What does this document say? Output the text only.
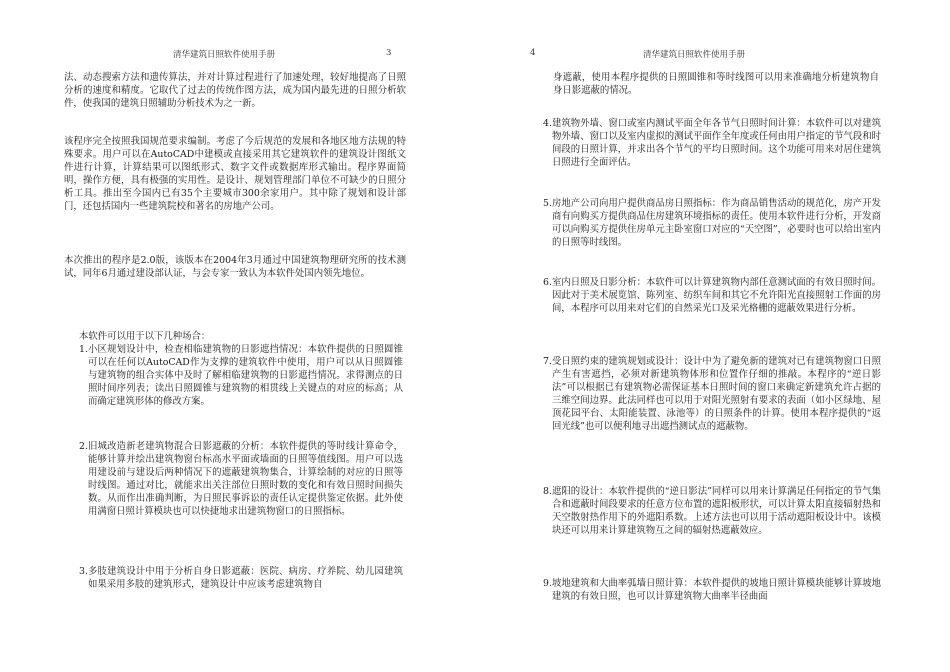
清华建筑日照软件使用手册	3

法、动态搜索方法和遗传算法，并对计算过程进行了加速处理，较好地提高了日照分析的速度和精度。它取代了过去的传统作图方法，成为国内最先进的日照分析软件，使我国的建筑日照辅助分析技术为之一新。

该程序完全按照我国规范要求编制。考虑了今后规范的发展和各地区地方法规的特殊要求。用户可以在AutoCAD中建模或直接采用其它建筑软件的建筑设计图纸文件进行计算，计算结果可以图纸形式、数字文件或数据库形式输出。程序界面简明，操作方便，具有极强的实用性。是设计、规划管理部门单位不可缺少的日照分析工具。推出至今国内已有35个主要城市300余家用户。其中除了规划和设计部门，还包括国内一些建筑院校和著名的房地产公司。

本次推出的程序是2.0版，该版本在2004年3月通过中国建筑物理研究所的技术测试，同年6月通过建设部认证，与会专家一致认为本软件处国内领先地位。

本软件可以用于以下几种场合：

1. 小区规划设计中，检查相临建筑物的日影遮挡情况：本软件提供的日照圆锥可以在任何以AutoCAD作为支撑的建筑软件中使用，用户可以从日照圆锥与建筑物的组合实体中及时了解相临建筑物的日影遮挡情况。求得测点的日照时间序列表；读出日照圆锥与建筑物的相贯线上关键点的对应的标高；从而确定建筑形体的修改方案。
2. 旧城改造新老建筑物混合日影遮蔽的分析：本软件提供的等时线计算命令，能够计算并绘出建筑物窗台标高水平面或墙面的日照等值线图。用户可以选用建设前与建设后两种情况下的遮蔽建筑物集合，计算绘制的对应的日照等时线图。通过对比，就能求出关注部位日照时数的变化和有效日照时间损失数。从而作出准确判断，为日照民事诉讼的责任认定提供鉴定依据。此外使用满窗日照计算模块也可以快捷地求出建筑物窗口的日照指标。
3. 多肢建筑设计中用于分析自身日影遮蔽：医院、病房、疗养院、幼儿园建筑如果采用多肢的建筑形式，建筑设计中应该考虑建筑物自
4	清华建筑日照软件使用手册

身遮蔽，使用本程序提供的日照圆锥和等时线图可以用来准确地分析建筑物自身日影遮蔽的情况。

4. 建筑物外墙、窗口或室内测试平面全年各节气日照时间计算：本软件可以对建筑物外墙、窗口以及室内虚拟的测试平面作全年度或任何由用户指定的节气段和时间段的日照计算，并求出各个节气的平均日照时间。这个功能可用来对居住建筑日照进行全面评估。
5. 房地产公司向用户提供商品房日照指标：作为商品销售活动的规范化，房产开发商有向购买方提供商品住房建筑环境指标的责任。使用本软件进行分析，开发商可以向购买方提供住房单元主卧室窗口对应的“天空图”，必要时也可以给出室内的日照等时线图。
6. 室内日照及日影分析：本软件可以计算建筑物内部任意测试面的有效日照时间。因此对于美术展览馆、陈列室、纺织车间和其它不允许阳光直接照射工作面的房间，本程序可以用来对它们的自然采光口及采光格栅的遮蔽效果进行分析。
7. 受日照约束的建筑规划或设计：设计中为了避免新的建筑对已有建筑物窗口日照产生有害遮挡，必须对新建筑物体形和位置作仔细的推敲。本程序的“逆日影法”可以根据已有建筑物必需保证基本日照时间的窗口来确定新建筑允许占据的三维空间边界。此法同样也可以用于对阳光照射有要求的表面（如小区绿地、屋顶花园平台、太阳能装置、泳池等）的日照条件的计算。使用本程序提供的“返回光线”也可以便利地寻出遮挡测试点的遮蔽物。
8. 遮阳的设计：本软件提供的“逆日影法”同样可以用来计算满足任何指定的节气集合和遮蔽时间段要求的任意方位布置的遮阳板形状，可以计算太阳直接辐射热和天空散射热作用下的外遮阳系数。上述方法也可以用于活动遮阳板设计中。该模块还可以用来计算建筑物互之间的辐射热遮蔽效应。
9. 坡地建筑和大曲率弧墙日照计算：本软件提供的坡地日照计算模块能够计算坡地建筑的有效日照，也可以计算建筑物大曲率半径曲面
